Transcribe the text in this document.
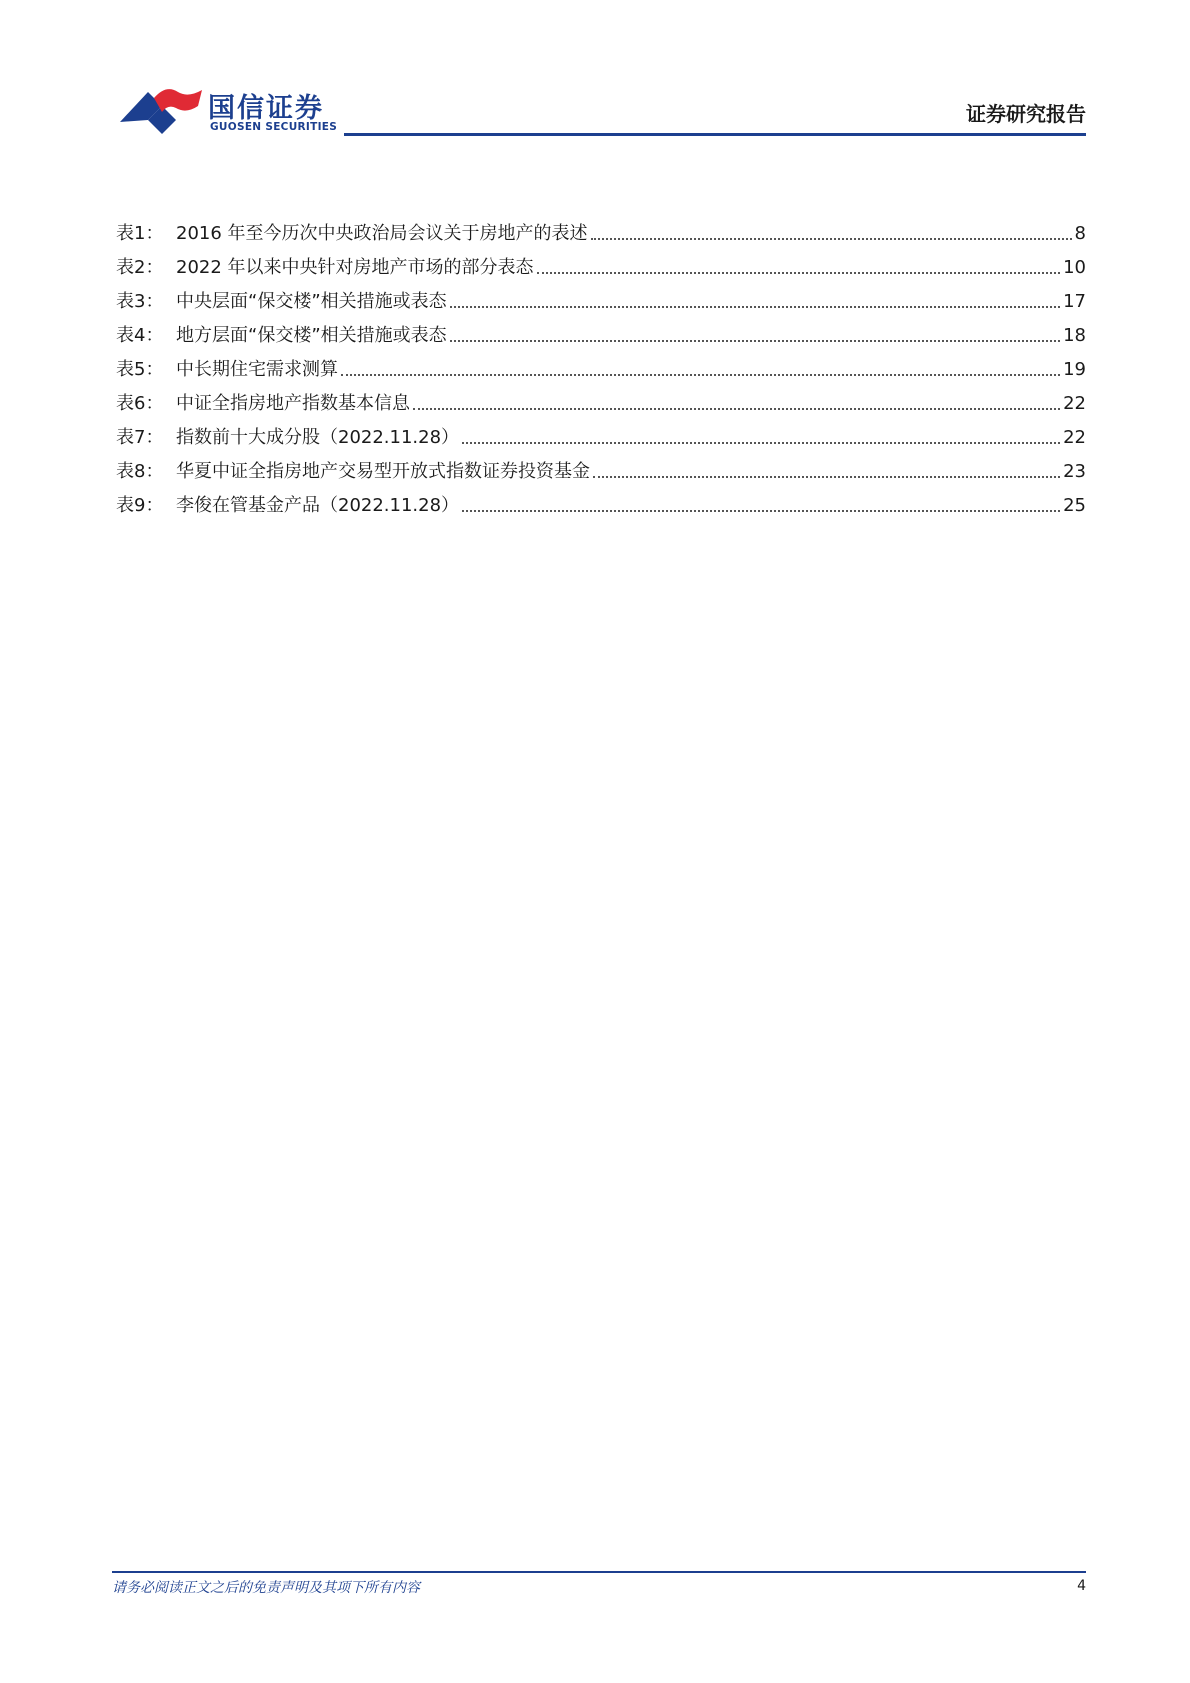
国信证券
GUOSEN SECURITIES
证券研究报告
表1： 2016 年至今历次中央政治局会议关于房地产的表述	8
表2： 2022 年以来中央针对房地产市场的部分表态	10
表3： 中央层面“保交楼”相关措施或表态	17
表4： 地方层面“保交楼”相关措施或表态	18
表5： 中长期住宅需求测算	19
表6： 中证全指房地产指数基本信息	22
表7： 指数前十大成分股（2022.11.28）	22
表8： 华夏中证全指房地产交易型开放式指数证券投资基金	23
表9： 李俊在管基金产品（2022.11.28）	25
请务必阅读正文之后的免责声明及其项下所有内容	4
